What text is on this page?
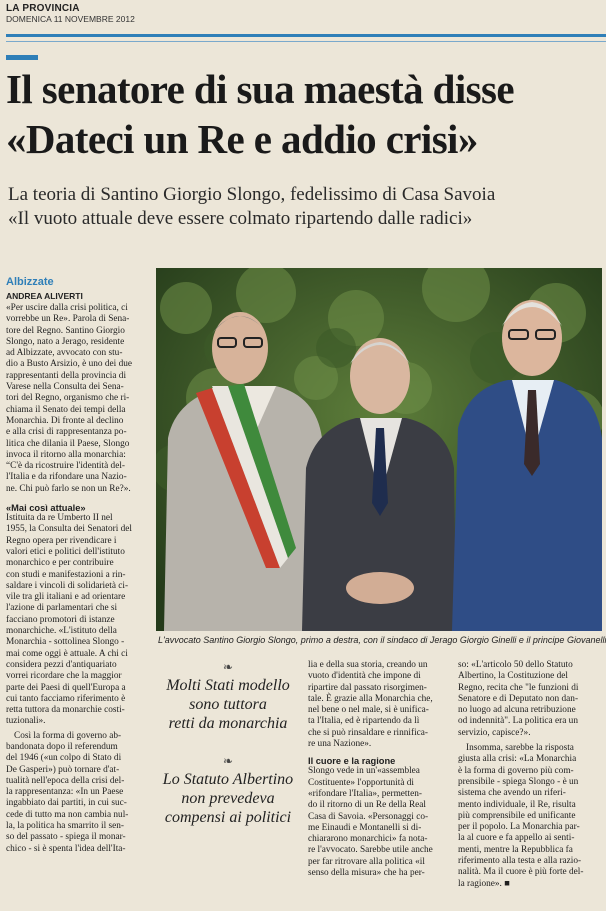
LA PROVINCIA
DOMENICA 11 NOVEMBRE 2012
Il senatore di sua maestà disse
«Dateci un Re e addio crisi»
La teoria di Santino Giorgio Slongo, fedelissimo di Casa Savoia
«Il vuoto attuale deve essere colmato ripartendo dalle radici»
Albizzate
ANDREA ALIVERTI

«Per uscire dalla crisi politica, ci

vorrebbe un Re». Parola di Sena-

tore del Regno. Santino Giorgio

Slongo, nato a Jerago, residente

ad Albizzate, avvocato con stu-

dio a Busto Arsizio, è uno dei due

rappresentanti della provincia di

Varese nella Consulta dei Sena-

tori del Regno, organismo che ri-

chiama il Senato dei tempi della

Monarchia. Di fronte al declino

e alla crisi di rappresentanza po-

litica che dilania il Paese, Slongo

invoca il ritorno alla monarchia:

“C'è da ricostruire l'identità del-

l'Italia e da rifondare una Nazio-

ne. Chi può farlo se non un Re?».

«Mai così attuale»

Istituita da re Umberto II nel

1955, la Consulta dei Senatori del

Regno opera per rivendicare i

valori etici e politici dell'istituto

monarchico e per contribuire

con studi e manifestazioni a rin-

saldare i vincoli di solidarietà ci-

vile tra gli italiani e ad orientare

l'azione di parlamentari che si

facciano promotori di istanze

monarchiche. «L'istituto della

Monarchia - sottolinea Slongo -

mai come oggi è attuale. A chi ci

considera pezzi d'antiquariato

vorrei ricordare che la maggior

parte dei Paesi di quell'Europa a

cui tanto facciamo riferimento è

retta tuttora da monarchie costi-

tuzionali».

Così la forma di governo ab-

bandonata dopo il referendum

del 1946 («un colpo di Stato di

De Gasperi») può tornare d'at-

tualità nell'epoca della crisi del-

la rappresentanza: «In un Paese

ingabbiato dai partiti, in cui suc-

cede di tutto ma non cambia nul-

la, la politica ha smarrito il sen-

so del passato - spiega il monar-

chico - si è spenta l'idea dell'Ita-

L'avvocato Santino Giorgio Slongo, primo a destra, con il sindaco di Jerago Giorgio Ginelli e il principe Giovanelli
❧
Molti Stati modello
sono tuttora
retti da monarchia
❧
Lo Statuto Albertino
non prevedeva
compensi ai politici

lia e della sua storia, creando un

vuoto d'identità che impone di

ripartire dal passato risorgimen-

tale. È grazie alla Monarchia che,

nel bene o nel male, si è unifica-

ta l'Italia, ed è ripartendo da lì

che si può rinsaldare e rinnifica-

re una Nazione».

Il cuore e la ragione

Slongo vede in un'«assemblea

Costituente» l'opportunità di

«rifondare l'Italia», permetten-

do il ritorno di un Re della Real

Casa di Savoia. «Personaggi co-

me Einaudi e Montanelli si di-

chiararono monarchici» fa nota-

re l'avvocato. Sarebbe utile anche

per far ritrovare alla politica «il

senso della misura» che ha per-

so: «L'articolo 50 dello Statuto

Albertino, la Costituzione del

Regno, recita che "le funzioni di

Senatore e di Deputato non dan-

no luogo ad alcuna retribuzione

od indennità". La politica era un

servizio, capisce?».

Insomma, sarebbe la risposta

giusta alla crisi: «La Monarchia

è la forma di governo più com-

prensibile - spiega Slongo - è un

sistema che avendo un riferi-

mento individuale, il Re, risulta

più comprensibile ed unificante

per il popolo. La Monarchia par-

la al cuore e fa appello ai senti-

menti, mentre la Repubblica fa

riferimento alla testa e alla razio-

nalità. Ma il cuore è più forte del-

la ragione». ■
